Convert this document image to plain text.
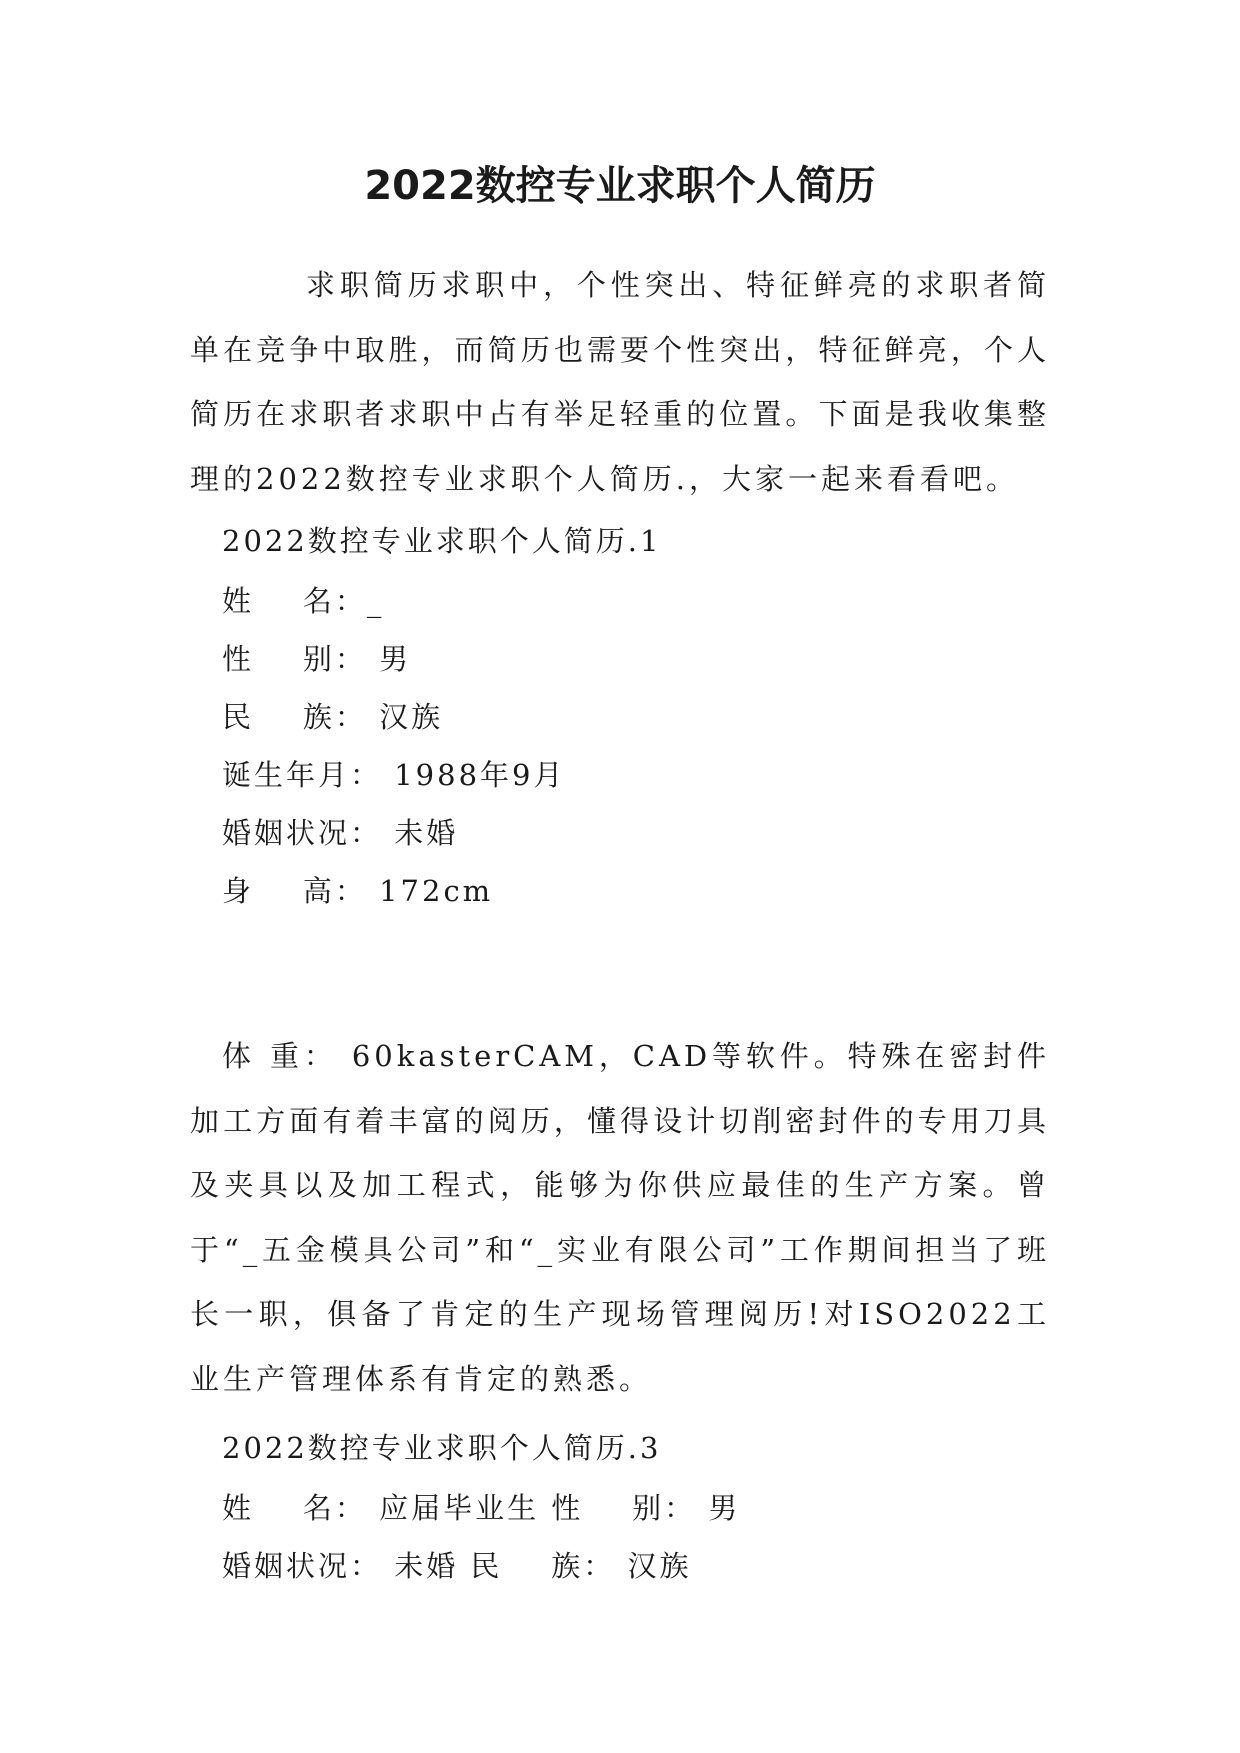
2022数控专业求职个人简历

求职简历求职中，个性突出、特征鲜亮的求职者简单在竞争中取胜，而简历也需要个性突出，特征鲜亮，个人简历在求职者求职中占有举足轻重的位置。下面是我收集整理的2022数控专业求职个人简历.，大家一起来看看吧。

2022数控专业求职个人简历.1

姓    名：_

性    别： 男

民    族： 汉族

诞生年月： 1988年9月

婚姻状况： 未婚

身    高： 172cm

体 重： 60kasterCAM，CAD等软件。特殊在密封件加工方面有着丰富的阅历，懂得设计切削密封件的专用刀具及夹具以及加工程式，能够为你供应最佳的生产方案。曾于“_五金模具公司”和“_实业有限公司”工作期间担当了班长一职，俱备了肯定的生产现场管理阅历!对ISO2022工业生产管理体系有肯定的熟悉。

2022数控专业求职个人简历.3

姓    名： 应届毕业生 性    别： 男

婚姻状况： 未婚 民    族： 汉族
